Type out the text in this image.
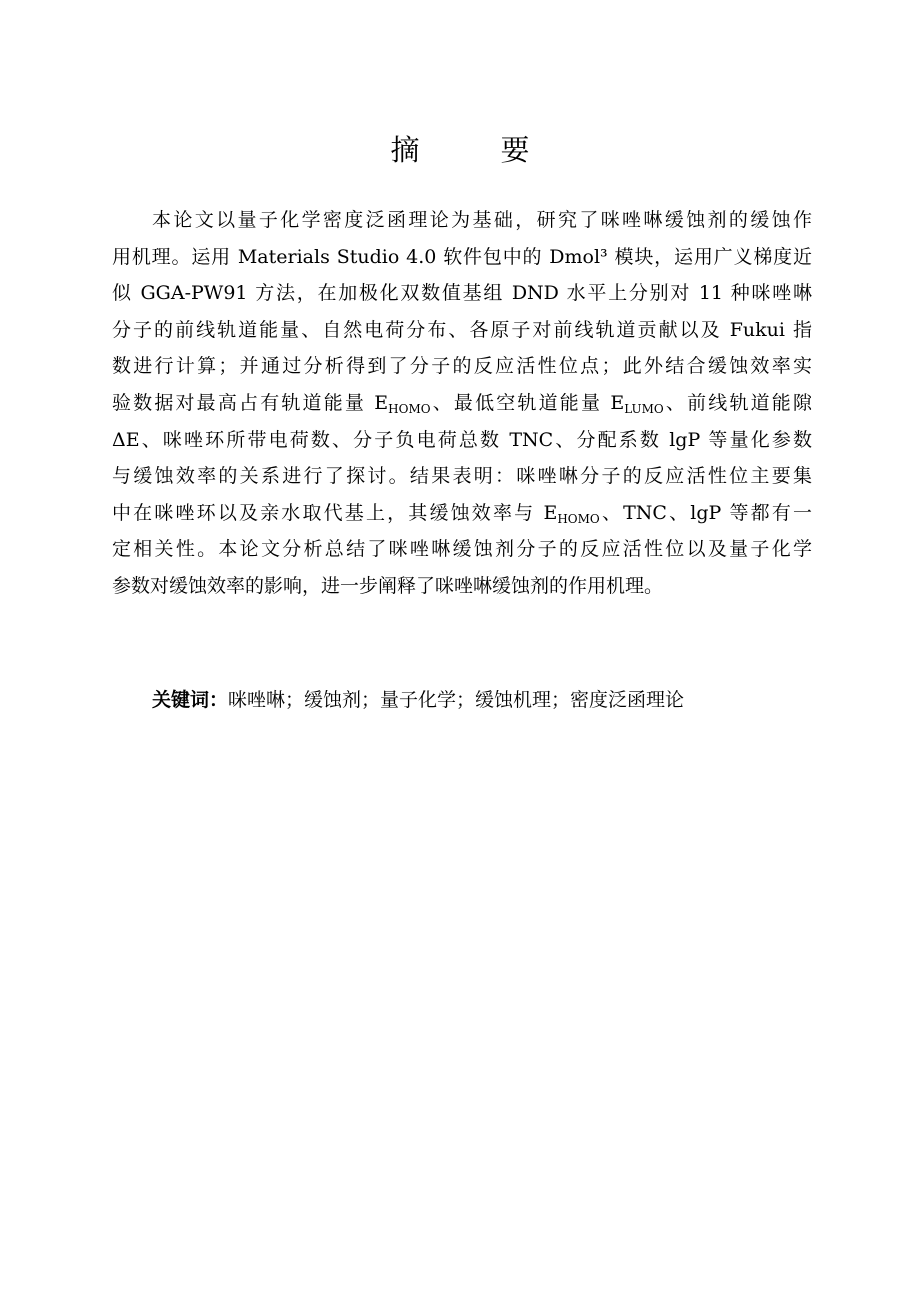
摘　要
本论文以量子化学密度泛函理论为基础，研究了咪唑啉缓蚀剂的缓蚀作
用机理。运用 Materials Studio 4.0 软件包中的 Dmol³ 模块，运用广义梯度近
似 GGA-PW91 方法，在加极化双数值基组 DND 水平上分别对 11 种咪唑啉
分子的前线轨道能量、自然电荷分布、各原子对前线轨道贡献以及 Fukui 指
数进行计算；并通过分析得到了分子的反应活性位点；此外结合缓蚀效率实
验数据对最高占有轨道能量 $E_{HOMO}$、最低空轨道能量 $E_{LUMO}$、前线轨道能隙
ΔE、咪唑环所带电荷数、分子负电荷总数 TNC、分配系数 lgP 等量化参数
与缓蚀效率的关系进行了探讨。结果表明：咪唑啉分子的反应活性位主要集
中在咪唑环以及亲水取代基上，其缓蚀效率与 $E_{HOMO}$、TNC、lgP 等都有一
定相关性。本论文分析总结了咪唑啉缓蚀剂分子的反应活性位以及量子化学
参数对缓蚀效率的影响，进一步阐释了咪唑啉缓蚀剂的作用机理。
关键词：咪唑啉；缓蚀剂；量子化学；缓蚀机理；密度泛函理论
